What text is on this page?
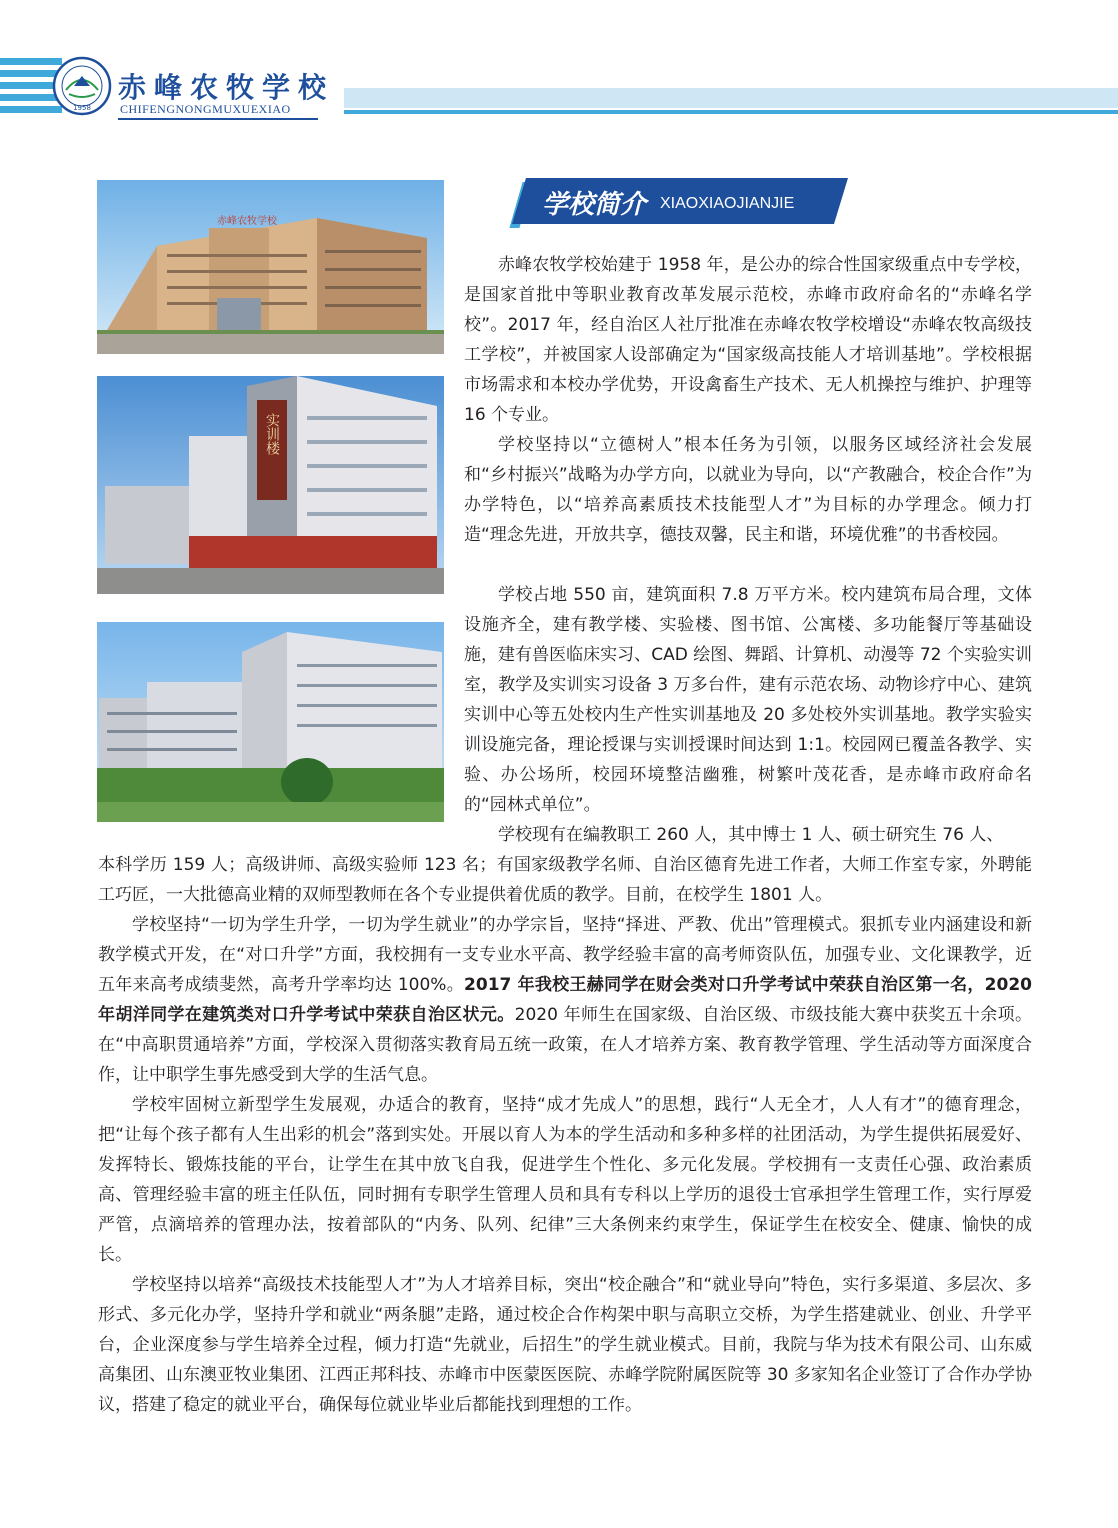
1958
赤峰农牧学校
CHIFENGNONGMUXUEXIAO
赤峰农牧学校
实训楼
学校简介 XIAOXIAOJIANJIE
赤峰农牧学校始建于 1958 年，是公办的综合性国家级重点中专学校，是国家首批中等职业教育改革发展示范校，赤峰市政府命名的“赤峰名学校”。2017 年，经自治区人社厅批准在赤峰农牧学校增设“赤峰农牧高级技工学校”，并被国家人设部确定为“国家级高技能人才培训基地”。学校根据市场需求和本校办学优势，开设禽畜生产技术、无人机操控与维护、护理等 16 个专业。
学校坚持以“立德树人”根本任务为引领，以服务区域经济社会发展和“乡村振兴”战略为办学方向，以就业为导向，以“产教融合，校企合作”为办学特色，以“培养高素质技术技能型人才”为目标的办学理念。倾力打造“理念先进，开放共享，德技双馨，民主和谐，环境优雅”的书香校园。
学校占地 550 亩，建筑面积 7.8 万平方米。校内建筑布局合理，文体设施齐全，建有教学楼、实验楼、图书馆、公寓楼、多功能餐厅等基础设施，建有兽医临床实习、CAD 绘图、舞蹈、计算机、动漫等 72 个实验实训室，教学及实训实习设备 3 万多台件，建有示范农场、动物诊疗中心、建筑实训中心等五处校内生产性实训基地及 20 多处校外实训基地。教学实验实训设施完备，理论授课与实训授课时间达到 1:1。校园网已覆盖各教学、实验、办公场所，校园环境整洁幽雅，树繁叶茂花香，是赤峰市政府命名的“园林式单位”。
学校现有在编教职工 260 人，其中博士 1 人、硕士研究生 76 人、
本科学历 159 人；高级讲师、高级实验师 123 名；有国家级教学名师、自治区德育先进工作者，大师工作室专家，外聘能工巧匠，一大批德高业精的双师型教师在各个专业提供着优质的教学。目前，在校学生 1801 人。
学校坚持“一切为学生升学，一切为学生就业”的办学宗旨，坚持“择进、严教、优出”管理模式。狠抓专业内涵建设和新教学模式开发，在“对口升学”方面，我校拥有一支专业水平高、教学经验丰富的高考师资队伍，加强专业、文化课教学，近五年来高考成绩斐然，高考升学率均达 100%。2017 年我校王赫同学在财会类对口升学考试中荣获自治区第一名，2020 年胡洋同学在建筑类对口升学考试中荣获自治区状元。2020 年师生在国家级、自治区级、市级技能大赛中获奖五十余项。在“中高职贯通培养”方面，学校深入贯彻落实教育局五统一政策，在人才培养方案、教育教学管理、学生活动等方面深度合作，让中职学生事先感受到大学的生活气息。
学校牢固树立新型学生发展观，办适合的教育，坚持“成才先成人”的思想，践行“人无全才，人人有才”的德育理念，把“让每个孩子都有人生出彩的机会”落到实处。开展以育人为本的学生活动和多种多样的社团活动，为学生提供拓展爱好、发挥特长、锻炼技能的平台，让学生在其中放飞自我，促进学生个性化、多元化发展。学校拥有一支责任心强、政治素质高、管理经验丰富的班主任队伍，同时拥有专职学生管理人员和具有专科以上学历的退役士官承担学生管理工作，实行厚爱严管，点滴培养的管理办法，按着部队的“内务、队列、纪律”三大条例来约束学生，保证学生在校安全、健康、愉快的成长。
学校坚持以培养“高级技术技能型人才”为人才培养目标，突出“校企融合”和“就业导向”特色，实行多渠道、多层次、多形式、多元化办学，坚持升学和就业“两条腿”走路，通过校企合作构架中职与高职立交桥，为学生搭建就业、创业、升学平台，企业深度参与学生培养全过程，倾力打造“先就业，后招生”的学生就业模式。目前，我院与华为技术有限公司、山东威高集团、山东澳亚牧业集团、江西正邦科技、赤峰市中医蒙医医院、赤峰学院附属医院等 30 多家知名企业签订了合作办学协议，搭建了稳定的就业平台，确保每位就业毕业后都能找到理想的工作。
